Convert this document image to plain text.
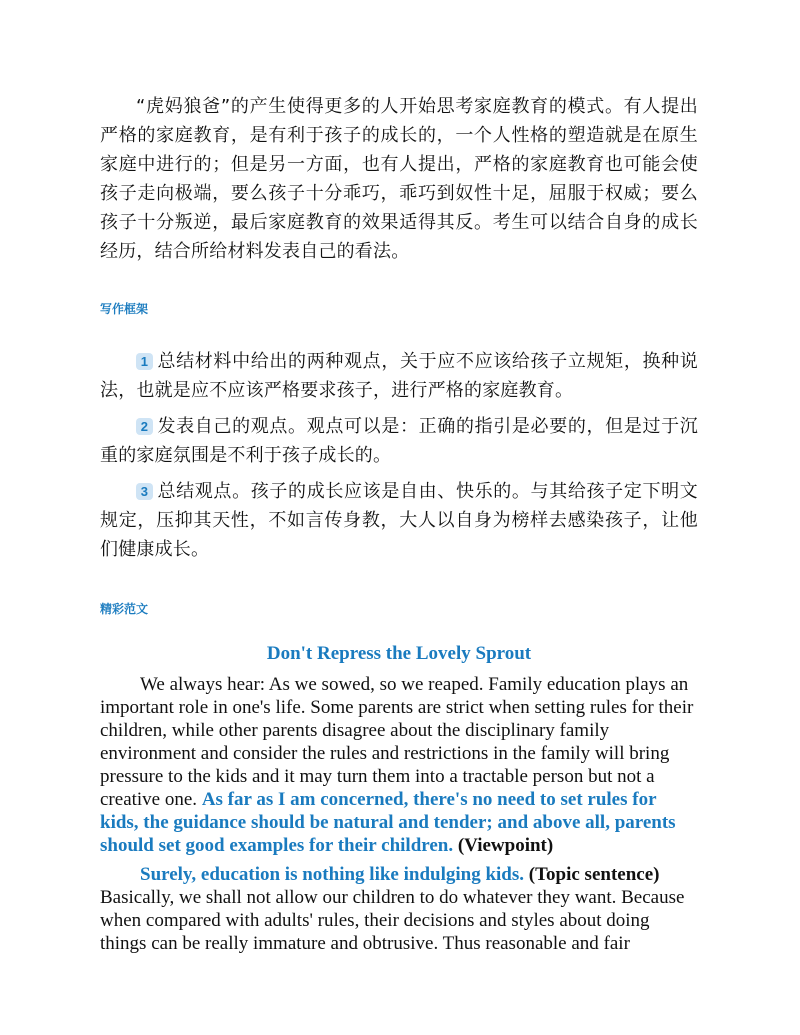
“虎妈狼爸”的产生使得更多的人开始思考家庭教育的模式。有人提出严格的家庭教育，是有利于孩子的成长的，一个人性格的塑造就是在原生家庭中进行的；但是另一方面，也有人提出，严格的家庭教育也可能会使孩子走向极端，要么孩子十分乖巧，乖巧到奴性十足，屈服于权威；要么孩子十分叛逆，最后家庭教育的效果适得其反。考生可以结合自身的成长经历，结合所给材料发表自己的看法。

写作框架

1 总结材料中给出的两种观点，关于应不应该给孩子立规矩，换种说法，也就是应不应该严格要求孩子，进行严格的家庭教育。

2 发表自己的观点。观点可以是：正确的指引是必要的，但是过于沉重的家庭氛围是不利于孩子成长的。

3 总结观点。孩子的成长应该是自由、快乐的。与其给孩子定下明文规定，压抑其天性，不如言传身教，大人以自身为榜样去感染孩子，让他们健康成长。

精彩范文
Don't Repress the Lovely Sprout

We always hear: As we sowed, so we reaped. Family education plays an important role in one's life. Some parents are strict when setting rules for their children, while other parents disagree about the disciplinary family environment and consider the rules and restrictions in the family will bring pressure to the kids and it may turn them into a tractable person but not a creative one. As far as I am concerned, there's no need to set rules for kids, the guidance should be natural and tender; and above all, parents should set good examples for their children. (Viewpoint)

Surely, education is nothing like indulging kids. (Topic sentence) Basically, we shall not allow our children to do whatever they want. Because when compared with adults' rules, their decisions and styles about doing things can be really immature and obtrusive. Thus reasonable and fair
